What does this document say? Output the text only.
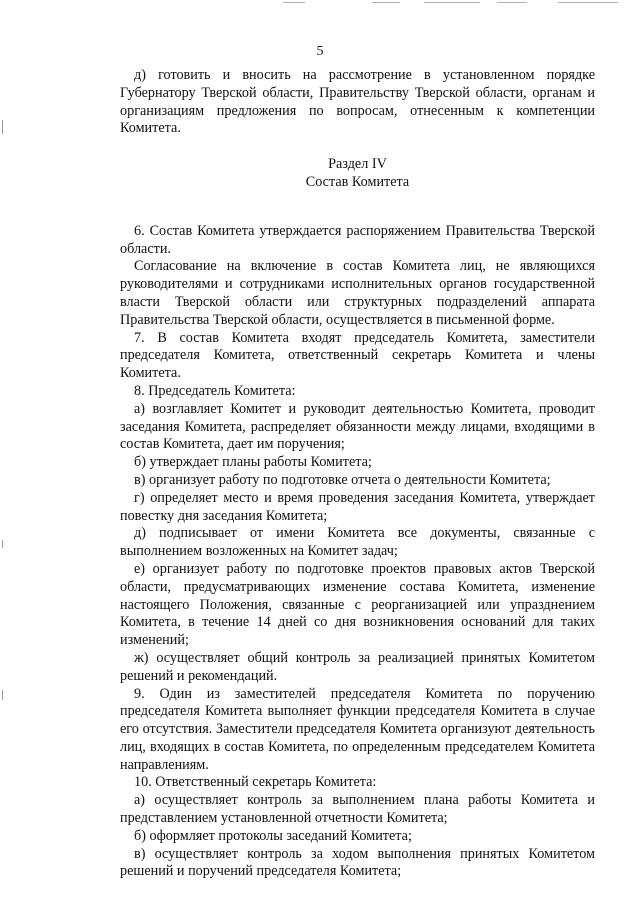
5

д) готовить и вносить на рассмотрение в установленном порядке Губернатору Тверской области, Правительству Тверской области, органам и организациям предложения по вопросам, отнесенным к компетенции Комитета.

Раздел IV
Состав Комитета

6. Состав Комитета утверждается распоряжением Правительства Тверской области.

Согласование на включение в состав Комитета лиц, не являющихся руководителями и сотрудниками исполнительных органов государственной власти Тверской области или структурных подразделений аппарата Правительства Тверской области, осуществляется в письменной форме.

7. В состав Комитета входят председатель Комитета, заместители председателя Комитета, ответственный секретарь Комитета и члены Комитета.

8. Председатель Комитета:

а) возглавляет Комитет и руководит деятельностью Комитета, проводит заседания Комитета, распределяет обязанности между лицами, входящими в состав Комитета, дает им поручения;

б) утверждает планы работы Комитета;

в) организует работу по подготовке отчета о деятельности Комитета;

г) определяет место и время проведения заседания Комитета, утверждает повестку дня заседания Комитета;

д) подписывает от имени Комитета все документы, связанные с выполнением возложенных на Комитет задач;

е) организует работу по подготовке проектов правовых актов Тверской области, предусматривающих изменение состава Комитета, изменение настоящего Положения, связанные с реорганизацией или упразднением Комитета, в течение 14 дней со дня возникновения оснований для таких изменений;

ж) осуществляет общий контроль за реализацией принятых Комитетом решений и рекомендаций.

9. Один из заместителей председателя Комитета по поручению председателя Комитета выполняет функции председателя Комитета в случае его отсутствия. Заместители председателя Комитета организуют деятельность лиц, входящих в состав Комитета, по определенным председателем Комитета направлениям.

10. Ответственный секретарь Комитета:

а) осуществляет контроль за выполнением плана работы Комитета и представлением установленной отчетности Комитета;

б) оформляет протоколы заседаний Комитета;

в) осуществляет контроль за ходом выполнения принятых Комитетом решений и поручений председателя Комитета;
